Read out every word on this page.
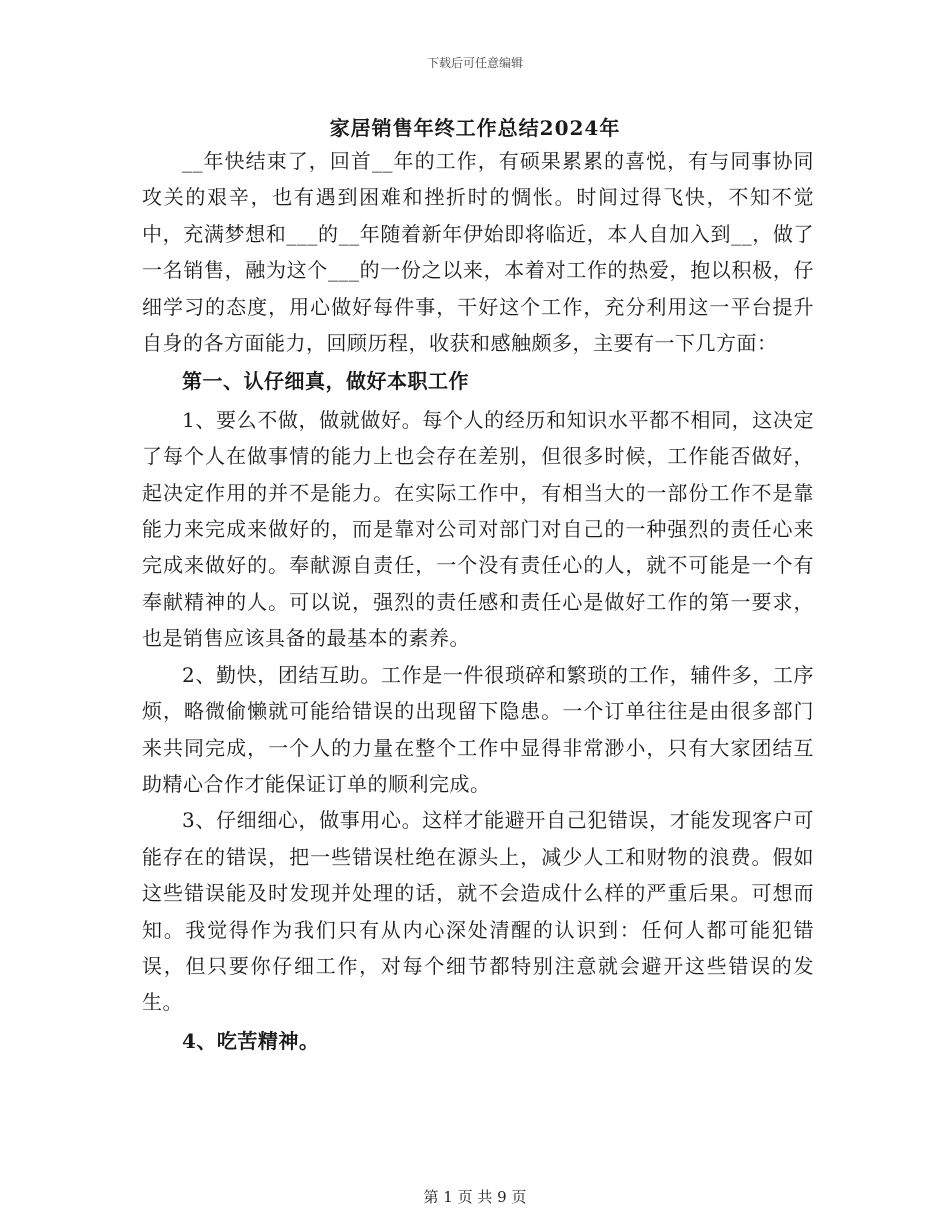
下载后可任意编辑
家居销售年终工作总结2024年

__年快结束了，回首__年的工作，有硕果累累的喜悦，有与同事协同攻关的艰辛，也有遇到困难和挫折时的惆怅。时间过得飞快，不知不觉中，充满梦想和___的__年随着新年伊始即将临近，本人自加入到__，做了一名销售，融为这个___的一份之以来，本着对工作的热爱，抱以积极，仔细学习的态度，用心做好每件事，干好这个工作，充分利用这一平台提升自身的各方面能力，回顾历程，收获和感触颇多，主要有一下几方面：

第一、认仔细真，做好本职工作

1、要么不做，做就做好。每个人的经历和知识水平都不相同，这决定了每个人在做事情的能力上也会存在差别，但很多时候，工作能否做好，起决定作用的并不是能力。在实际工作中，有相当大的一部份工作不是靠能力来完成来做好的，而是靠对公司对部门对自己的一种强烈的责任心来完成来做好的。奉献源自责任，一个没有责任心的人，就不可能是一个有奉献精神的人。可以说，强烈的责任感和责任心是做好工作的第一要求，也是销售应该具备的最基本的素养。

2、勤快，团结互助。工作是一件很琐碎和繁琐的工作，辅件多，工序烦，略微偷懒就可能给错误的出现留下隐患。一个订单往往是由很多部门来共同完成，一个人的力量在整个工作中显得非常渺小，只有大家团结互助精心合作才能保证订单的顺利完成。

3、仔细细心，做事用心。这样才能避开自己犯错误，才能发现客户可能存在的错误，把一些错误杜绝在源头上，减少人工和财物的浪费。假如这些错误能及时发现并处理的话，就不会造成什么样的严重后果。可想而知。我觉得作为我们只有从内心深处清醒的认识到：任何人都可能犯错误，但只要你仔细工作，对每个细节都特别注意就会避开这些错误的发生。

4、吃苦精神。

第 1 页 共 9 页
